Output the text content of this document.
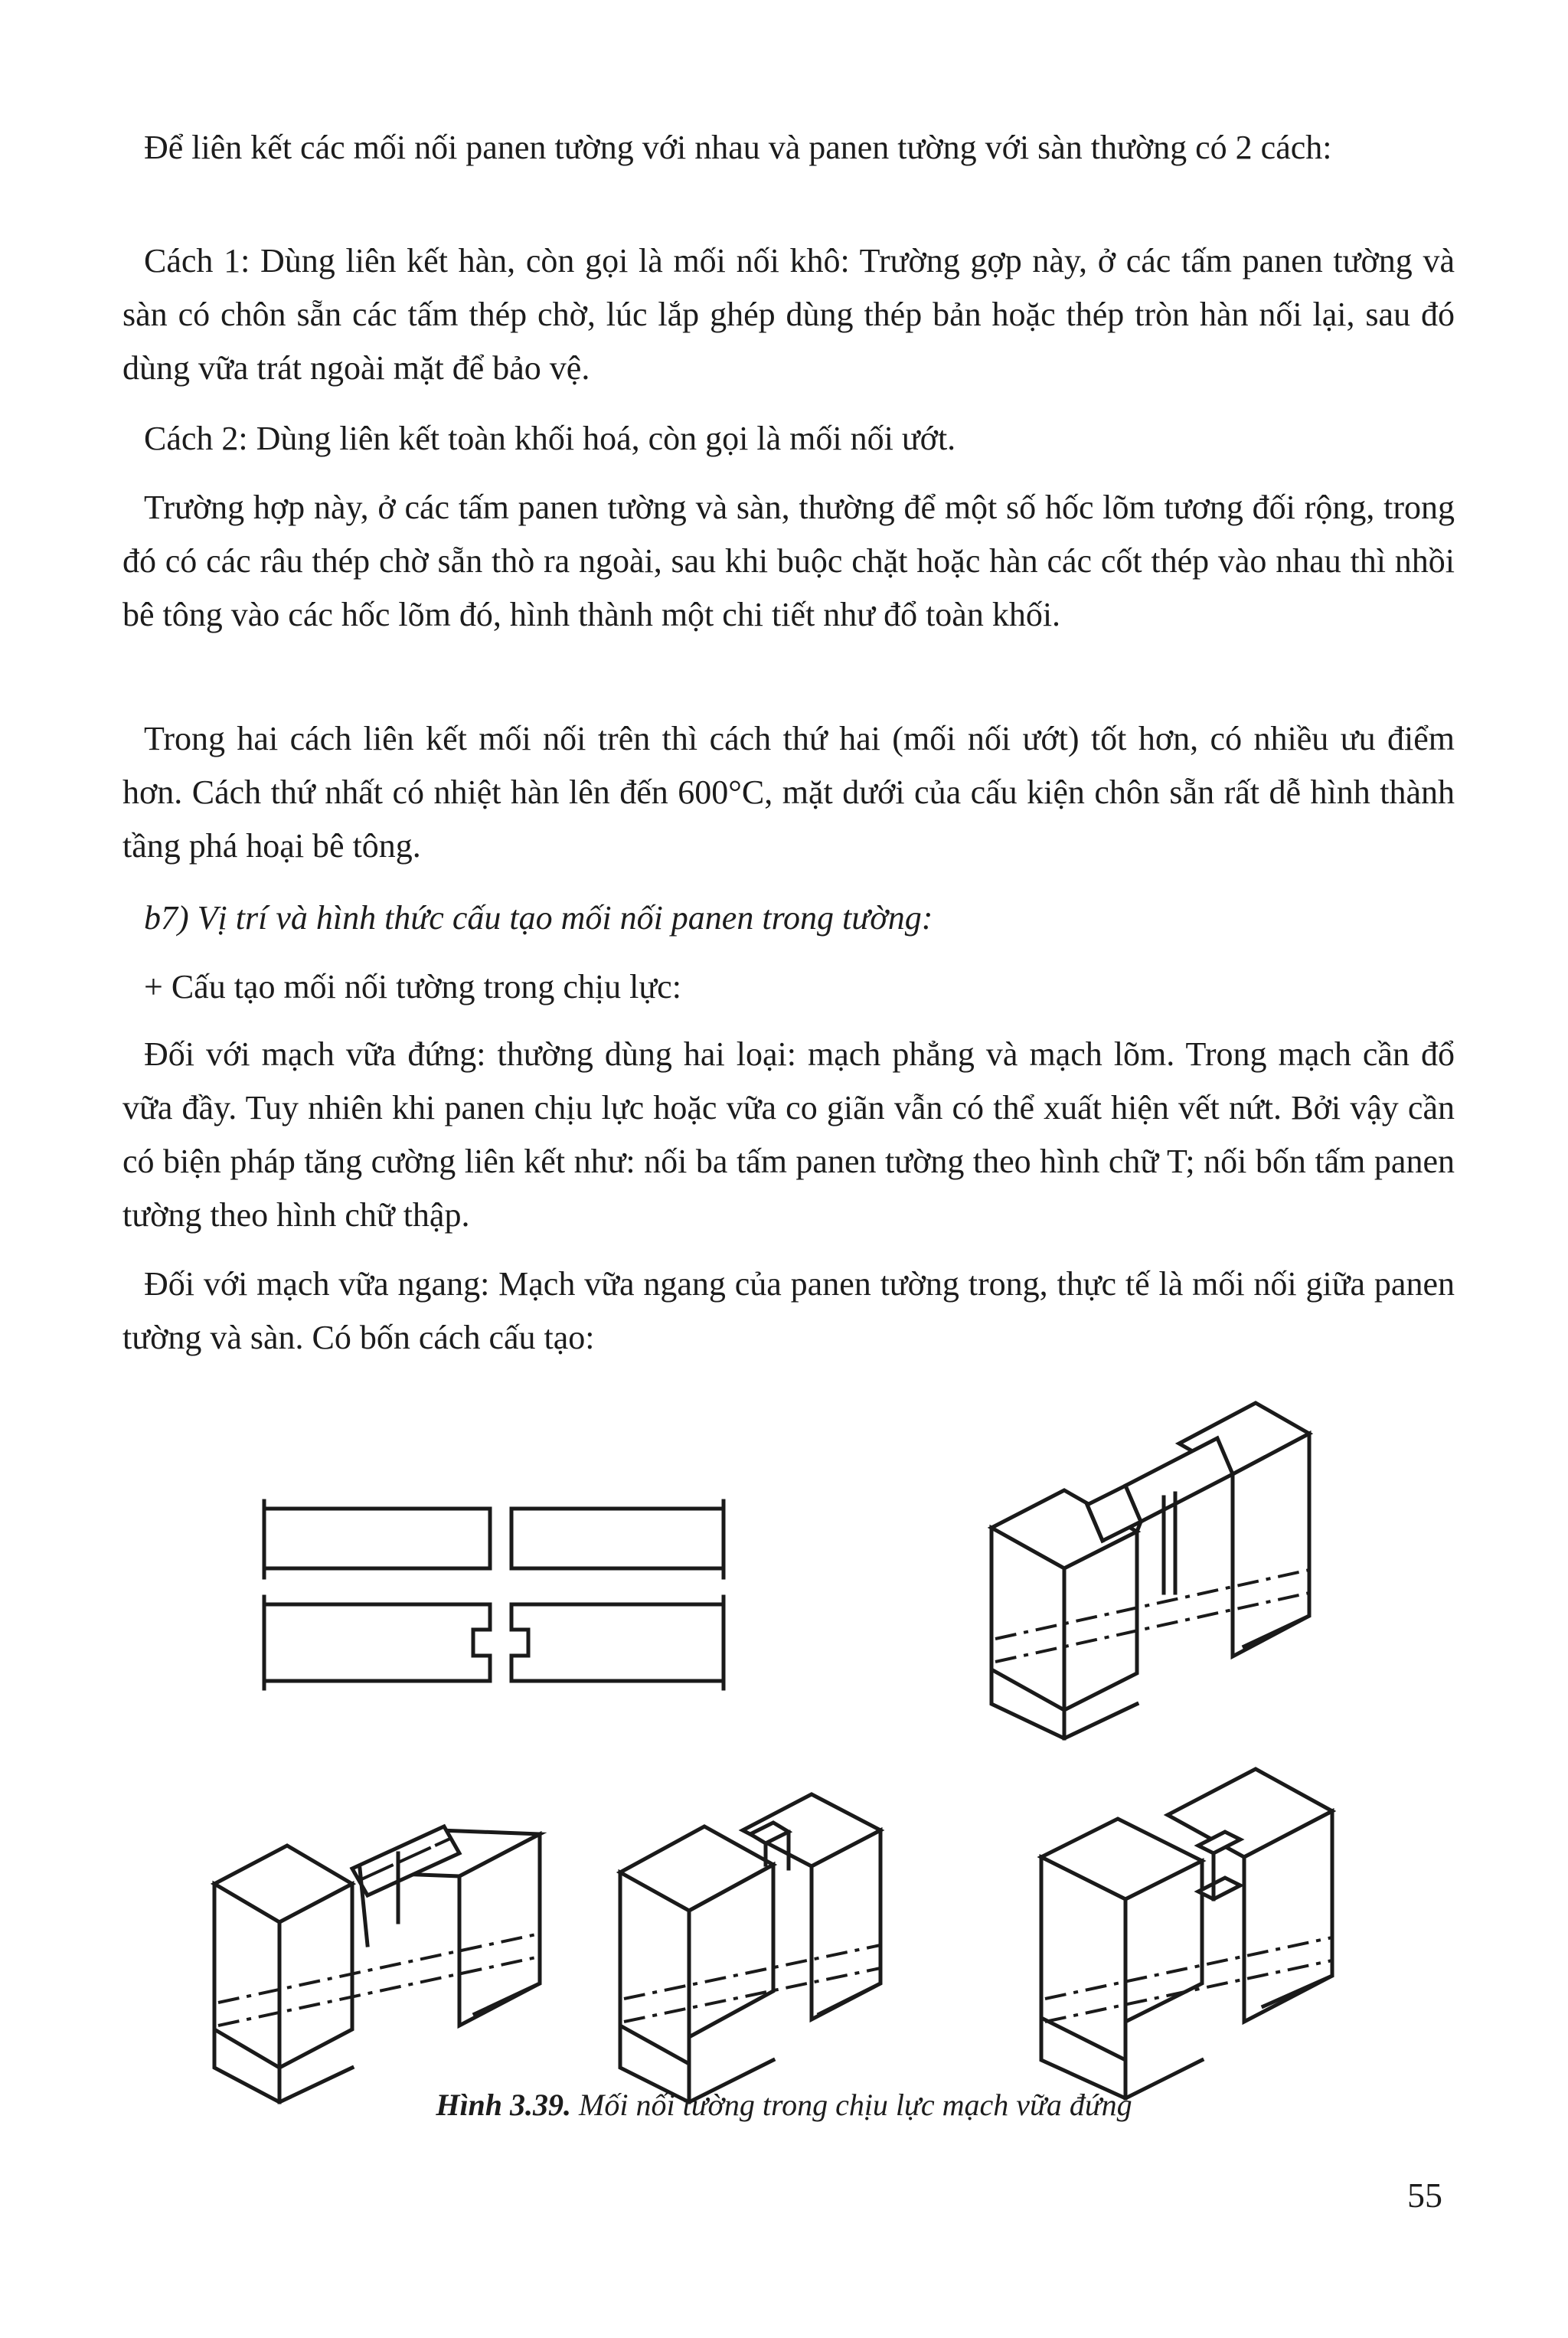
Để liên kết các mối nối panen tường với nhau và panen tường với sàn thường có 2 cách:

Cách 1: Dùng liên kết hàn, còn gọi là mối nối khô: Trường gợp này, ở các tấm panen tường và sàn có chôn sẵn các tấm thép chờ, lúc lắp ghép dùng thép bản hoặc thép tròn hàn nối lại, sau đó dùng vữa trát ngoài mặt để bảo vệ.

Cách 2: Dùng liên kết toàn khối hoá, còn gọi là mối nối ướt.

Trường hợp này, ở các tấm panen tường và sàn, thường để một số hốc lõm tương đối rộng, trong đó có các râu thép chờ sẵn thò ra ngoài, sau khi buộc chặt hoặc hàn các cốt thép vào nhau thì nhồi bê tông vào các hốc lõm đó, hình thành một chi tiết như đổ toàn khối.

Trong hai cách liên kết mối nối trên thì cách thứ hai (mối nối ướt) tốt hơn, có nhiều ưu điểm hơn. Cách thứ nhất có nhiệt hàn lên đến 600°C, mặt dưới của cấu kiện chôn sẵn rất dễ hình thành tầng phá hoại bê tông.

b7) Vị trí và hình thức cấu tạo mối nối panen trong tường:

+ Cấu tạo mối nối tường trong chịu lực:

Đối với mạch vữa đứng: thường dùng hai loại: mạch phẳng và mạch lõm. Trong mạch cần đổ vữa đầy. Tuy nhiên khi panen chịu lực hoặc vữa co giãn vẫn có thể xuất hiện vết nứt. Bởi vậy cần có biện pháp tăng cường liên kết như: nối ba tấm panen tường theo hình chữ T; nối bốn tấm panen tường theo hình chữ thập.

Đối với mạch vữa ngang: Mạch vữa ngang của panen tường trong, thực tế là mối nối giữa panen tường và sàn. Có bốn cách cấu tạo:

Hình 3.39. Mối nối tường trong chịu lực mạch vữa đứng
55
